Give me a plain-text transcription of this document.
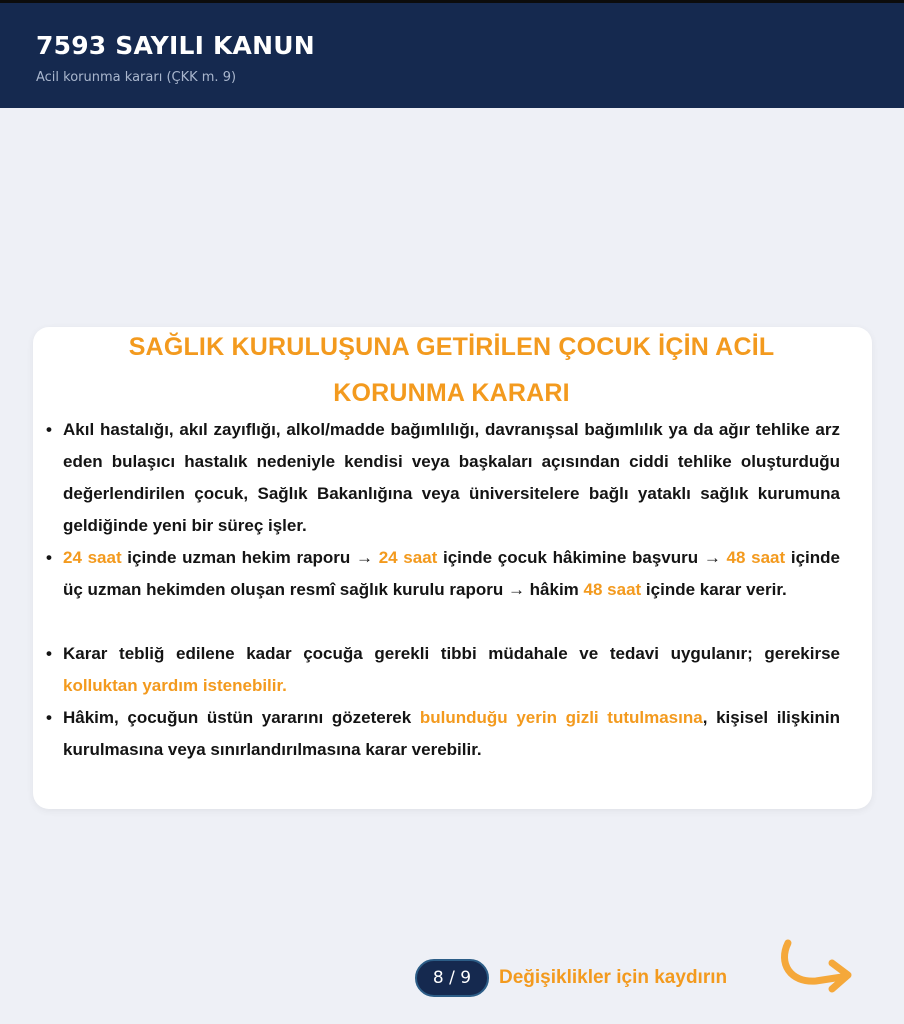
7593 SAYILI KANUN
Acil korunma kararı (ÇKK m. 9)
SAĞLIK KURULUŞUNA GETİRİLEN ÇOCUK İÇİN ACİL
KORUNMA KARARI
• Akıl hastalığı, akıl zayıflığı, alkol/madde bağımlılığı, davranışsal bağımlılık ya da ağır tehlike arz eden bulaşıcı hastalık nedeniyle kendisi veya başkaları açısından ciddi tehlike oluşturduğu değerlendirilen çocuk, Sağlık Bakanlığına veya üniversitelere bağlı yataklı sağlık kurumuna geldiğinde yeni bir süreç işler.
• 24 saat içinde uzman hekim raporu → 24 saat içinde çocuk hâkimine başvuru → 48 saat içinde üç uzman hekimden oluşan resmî sağlık kurulu raporu → hâkim 48 saat içinde karar verir.
• Karar tebliğ edilene kadar çocuğa gerekli tibbi müdahale ve tedavi uygulanır; gerekirse kolluktan yardım istenebilir.
• Hâkim, çocuğun üstün yararını gözeterek bulunduğu yerin gizli tutulmasına, kişisel ilişkinin kurulmasına veya sınırlandırılmasına karar verebilir.
8 / 9	Değişiklikler için kaydırın
